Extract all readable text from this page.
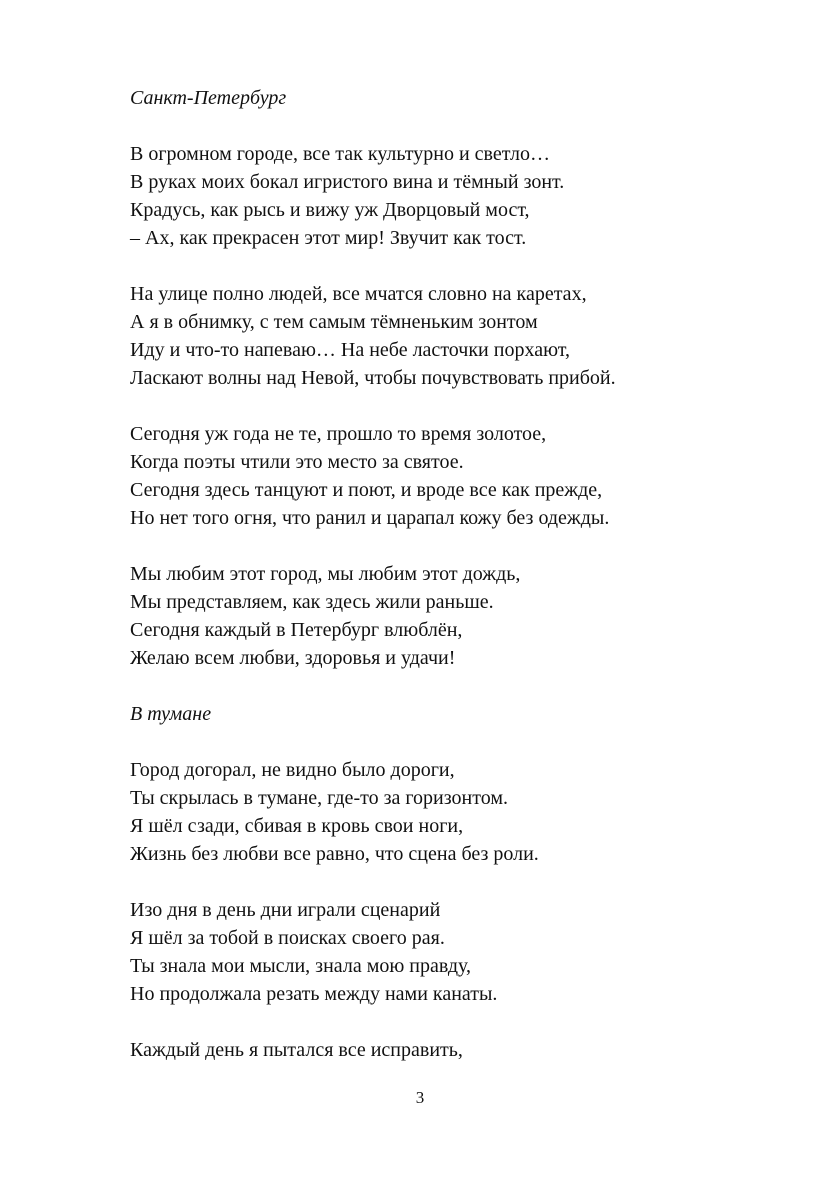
Санкт-Петербург
В огромном городе, все так культурно и светло…
В руках моих бокал игристого вина и тёмный зонт.
Крадусь, как рысь и вижу уж Дворцовый мост,
– Ах, как прекрасен этот мир! Звучит как тост.
На улице полно людей, все мчатся словно на каретах,
А я в обнимку, с тем самым тёмненьким зонтом
Иду и что-то напеваю… На небе ласточки порхают,
Ласкают волны над Невой, чтобы почувствовать прибой.
Сегодня уж года не те, прошло то время золотое,
Когда поэты чтили это место за святое.
Сегодня здесь танцуют и поют, и вроде все как прежде,
Но нет того огня, что ранил и царапал кожу без одежды.
Мы любим этот город, мы любим этот дождь,
Мы представляем, как здесь жили раньше.
Сегодня каждый в Петербург влюблён,
Желаю всем любви, здоровья и удачи!
В тумане
Город догорал, не видно было дороги,
Ты скрылась в тумане, где-то за горизонтом.
Я шёл сзади, сбивая в кровь свои ноги,
Жизнь без любви все равно, что сцена без роли.
Изо дня в день дни играли сценарий
Я шёл за тобой в поисках своего рая.
Ты знала мои мысли, знала мою правду,
Но продолжала резать между нами канаты.
Каждый день я пытался все исправить,
3
